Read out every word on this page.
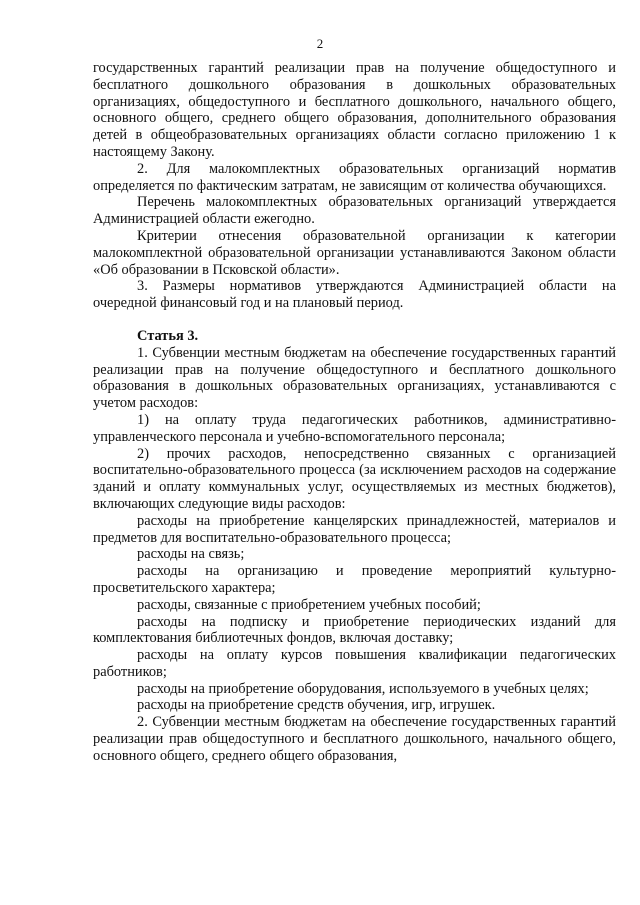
2

государственных гарантий реализации прав на получение общедоступного и бесплатного дошкольного образования в дошкольных образовательных организациях, общедоступного и бесплатного дошкольного, начального общего, основного общего, среднего общего образования, дополнительного образования детей в общеобразовательных организациях области согласно приложению 1 к настоящему Закону.

2. Для малокомплектных образовательных организаций норматив определяется по фактическим затратам, не зависящим от количества обучающихся.

Перечень малокомплектных образовательных организаций утверждается Администрацией области ежегодно.

Критерии отнесения образовательной организации к категории малокомплектной образовательной организации устанавливаются Законом области «Об образовании в Псковской области».

3. Размеры нормативов утверждаются Администрацией области на очередной финансовый год и на плановый период.

Статья 3.

1. Субвенции местным бюджетам на обеспечение государственных гарантий реализации прав на получение общедоступного и бесплатного дошкольного образования в дошкольных образовательных организациях, устанавливаются с учетом расходов:

1) на оплату труда педагогических работников, административно-управленческого персонала и учебно-вспомогательного персонала;

2) прочих расходов, непосредственно связанных с организацией воспитательно-образовательного процесса (за исключением расходов на содержание зданий и оплату коммунальных услуг, осуществляемых из местных бюджетов), включающих следующие виды расходов:

расходы на приобретение канцелярских принадлежностей, материалов и предметов для воспитательно-образовательного процесса;

расходы на связь;

расходы на организацию и проведение мероприятий культурно-просветительского характера;

расходы, связанные с приобретением учебных пособий;

расходы на подписку и приобретение периодических изданий для комплектования библиотечных фондов, включая доставку;

расходы на оплату курсов повышения квалификации педагогических работников;

расходы на приобретение оборудования, используемого в учебных целях;

расходы на приобретение средств обучения, игр, игрушек.

2. Субвенции местным бюджетам на обеспечение государственных гарантий реализации прав общедоступного и бесплатного дошкольного, начального общего, основного общего, среднего общего образования,
